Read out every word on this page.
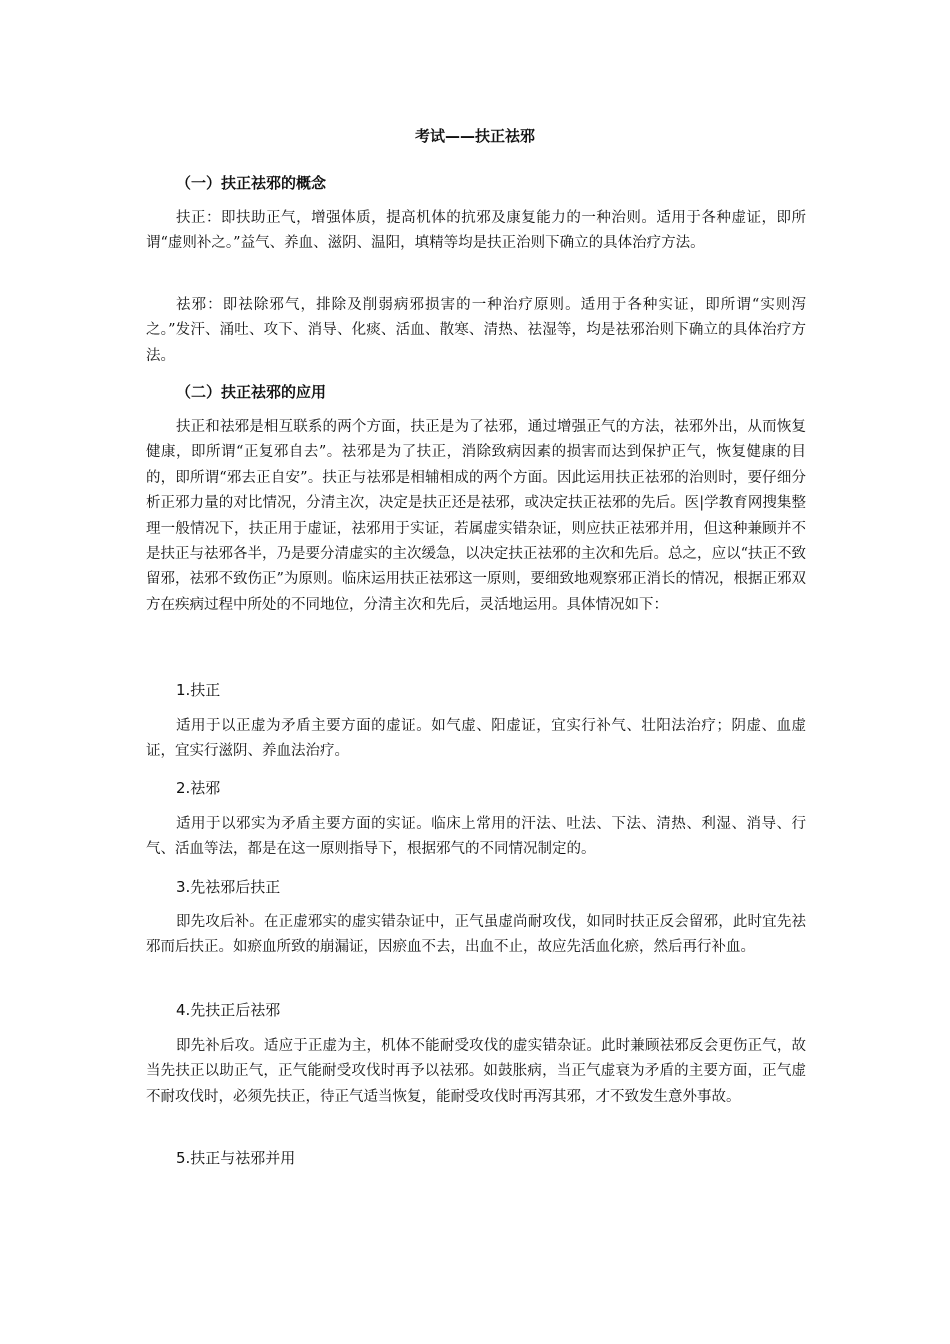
考试——扶正祛邪
（一）扶正祛邪的概念

扶正：即扶助正气，增强体质，提高机体的抗邪及康复能力的一种治则。适用于各种虚证，即所谓“虚则补之。”益气、养血、滋阴、温阳，填精等均是扶正治则下确立的具体治疗方法。

祛邪：即祛除邪气，排除及削弱病邪损害的一种治疗原则。适用于各种实证，即所谓“实则泻之。”发汗、涌吐、攻下、消导、化痰、活血、散寒、清热、祛湿等，均是祛邪治则下确立的具体治疗方法。

（二）扶正祛邪的应用

扶正和祛邪是相互联系的两个方面，扶正是为了祛邪，通过增强正气的方法，祛邪外出，从而恢复健康，即所谓“正复邪自去”。祛邪是为了扶正，消除致病因素的损害而达到保护正气，恢复健康的目的，即所谓“邪去正自安”。扶正与祛邪是相辅相成的两个方面。因此运用扶正祛邪的治则时，要仔细分析正邪力量的对比情况，分清主次，决定是扶正还是祛邪，或决定扶正祛邪的先后。医|学教育网搜集整理一般情况下，扶正用于虚证，祛邪用于实证，若属虚实错杂证，则应扶正祛邪并用，但这种兼顾并不是扶正与祛邪各半，乃是要分清虚实的主次缓急，以决定扶正祛邪的主次和先后。总之，应以“扶正不致留邪，祛邪不致伤正”为原则。临床运用扶正祛邪这一原则，要细致地观察邪正消长的情况，根据正邪双方在疾病过程中所处的不同地位，分清主次和先后，灵活地运用。具体情况如下：

1.扶正

适用于以正虚为矛盾主要方面的虚证。如气虚、阳虚证，宜实行补气、壮阳法治疗；阴虚、血虚证，宜实行滋阴、养血法治疗。

2.祛邪

适用于以邪实为矛盾主要方面的实证。临床上常用的汗法、吐法、下法、清热、利湿、消导、行气、活血等法，都是在这一原则指导下，根据邪气的不同情况制定的。

3.先祛邪后扶正

即先攻后补。在正虚邪实的虚实错杂证中，正气虽虚尚耐攻伐，如同时扶正反会留邪，此时宜先祛邪而后扶正。如瘀血所致的崩漏证，因瘀血不去，出血不止，故应先活血化瘀，然后再行补血。

4.先扶正后祛邪

即先补后攻。适应于正虚为主，机体不能耐受攻伐的虚实错杂证。此时兼顾祛邪反会更伤正气，故当先扶正以助正气，正气能耐受攻伐时再予以祛邪。如鼓胀病，当正气虚衰为矛盾的主要方面，正气虚不耐攻伐时，必须先扶正，待正气适当恢复，能耐受攻伐时再泻其邪，才不致发生意外事故。

5.扶正与祛邪并用
